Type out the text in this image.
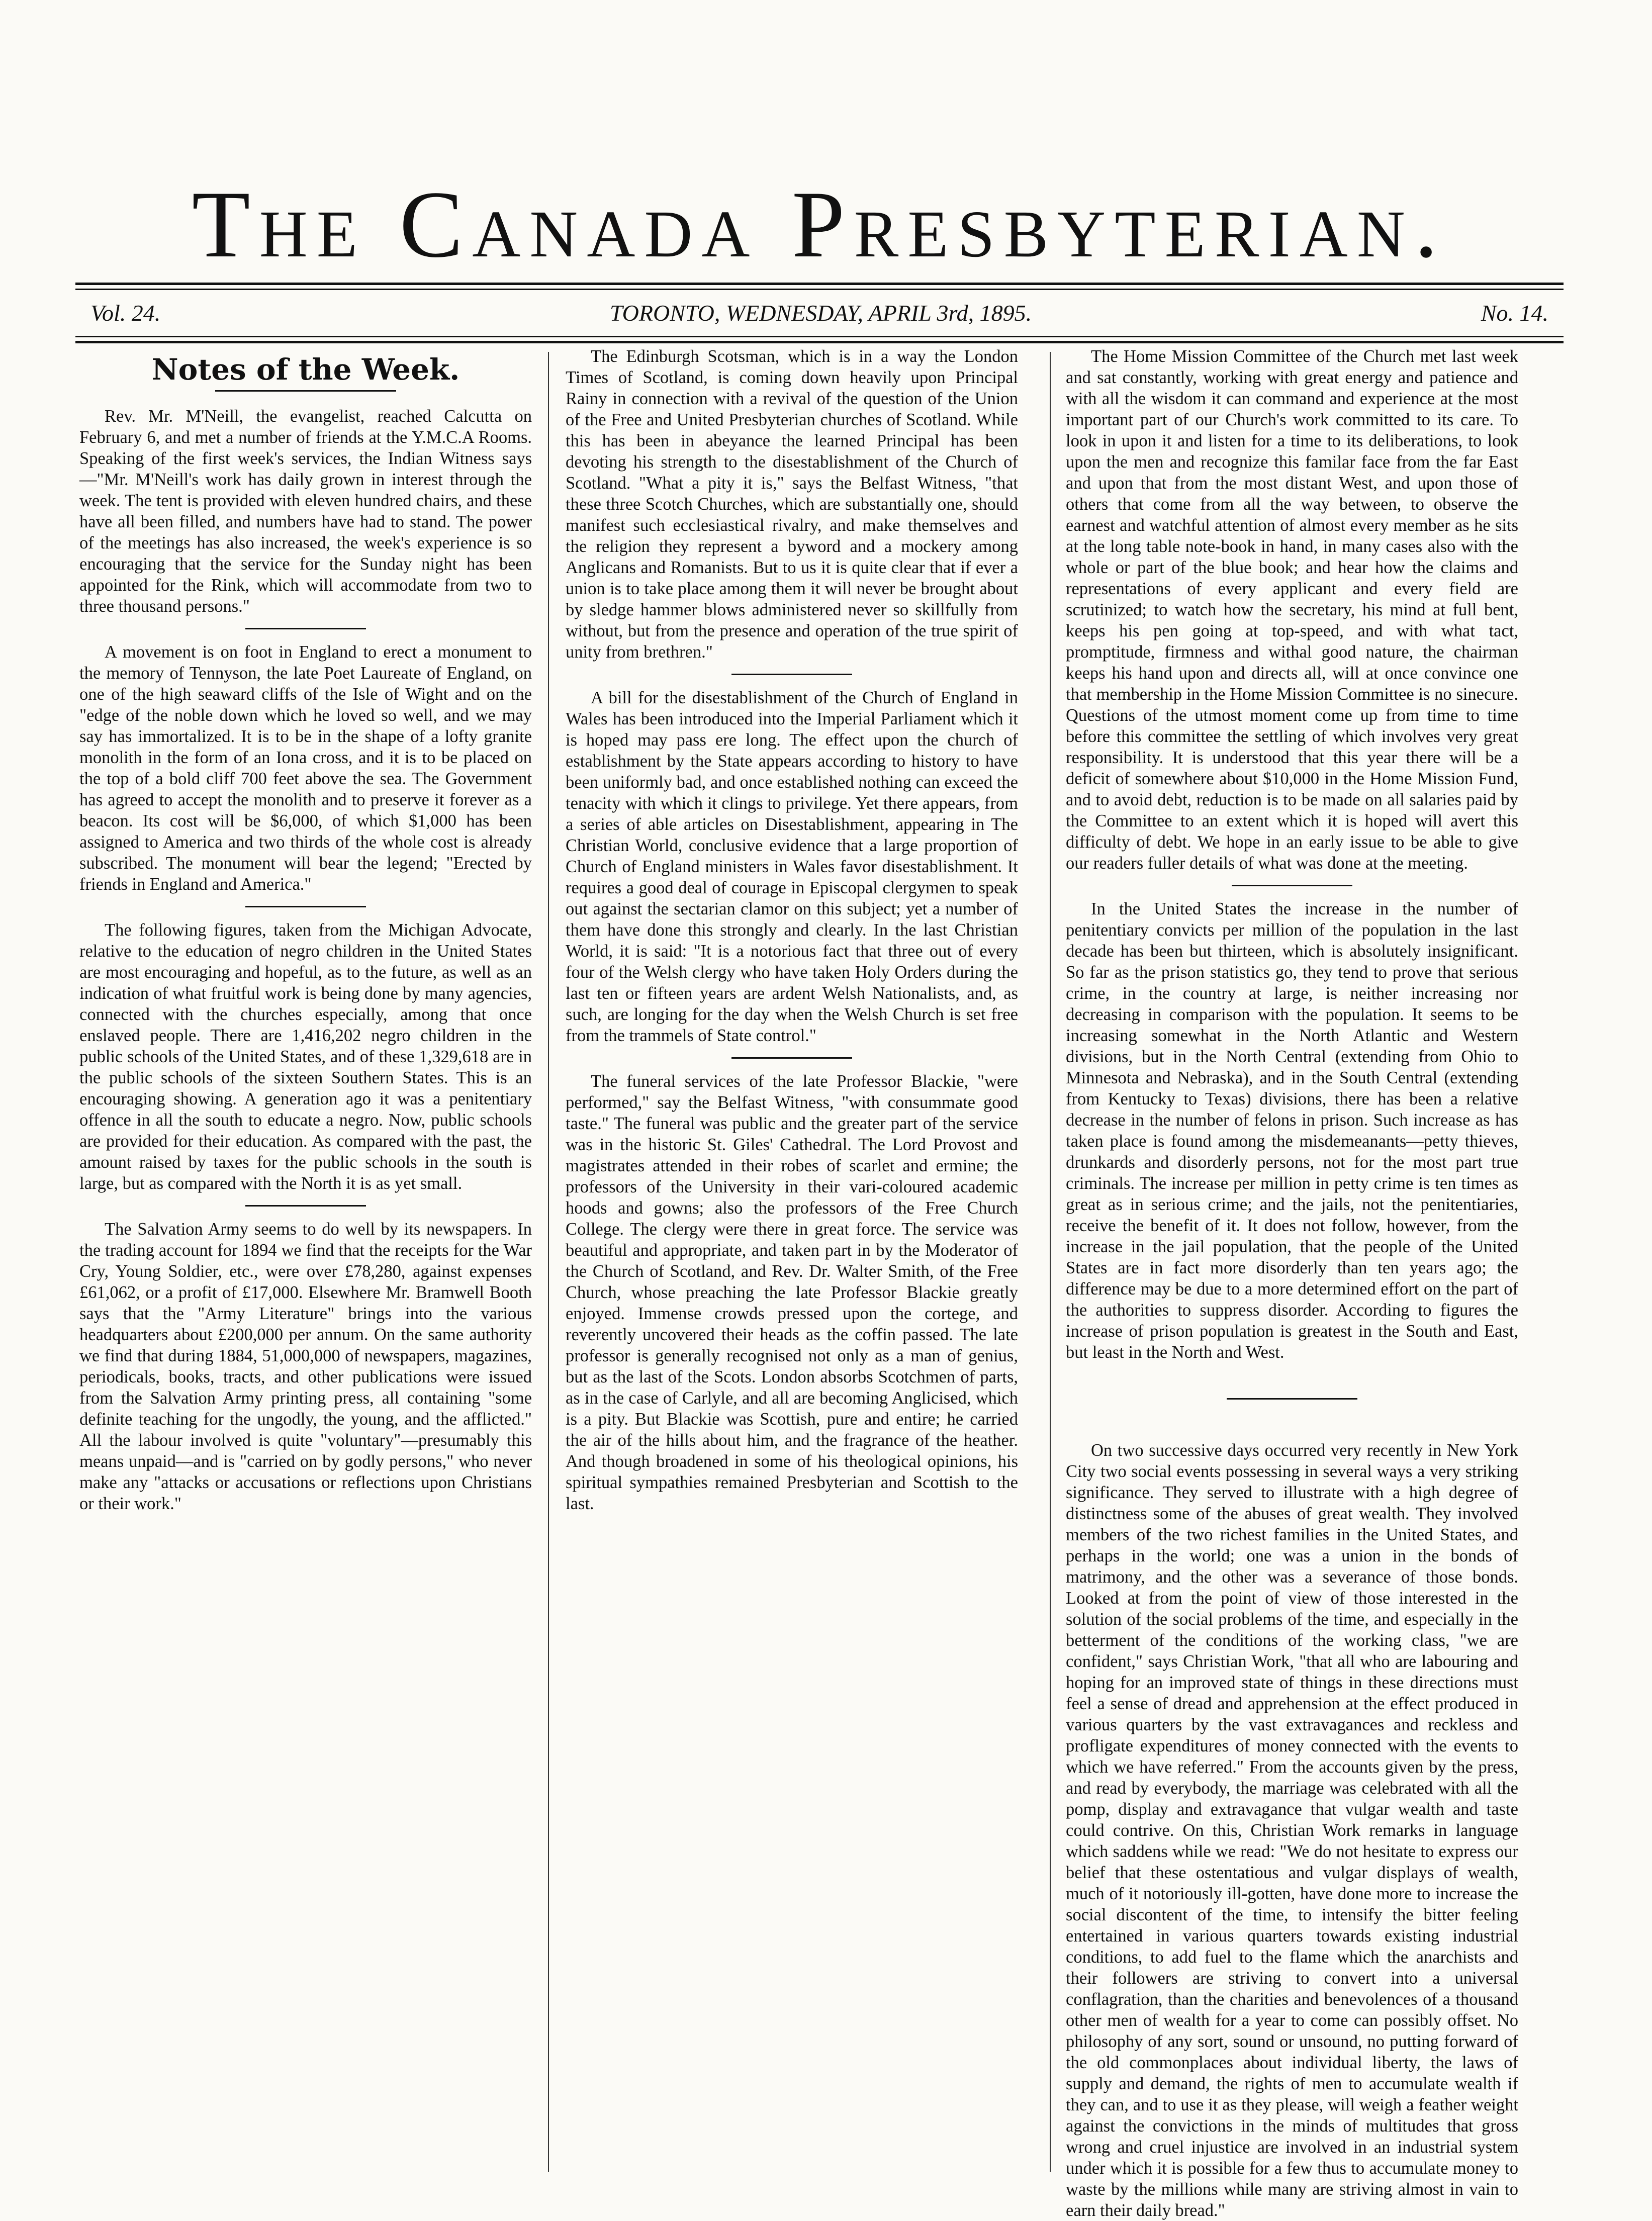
The Canada Presbyterian.
Vol. 24.	TORONTO, WEDNESDAY, APRIL 3rd, 1895.	No. 14.
Notes of the Week.

Rev. Mr. M'Neill, the evangelist, reached Calcutta on February 6, and met a number of friends at the Y.M.C.A Rooms. Speaking of the first week's services, the Indian Witness says—"Mr. M'Neill's work has daily grown in interest through the week. The tent is provided with eleven hundred chairs, and these have all been filled, and numbers have had to stand. The power of the meetings has also increased, the week's experience is so encouraging that the service for the Sunday night has been appointed for the Rink, which will accommodate from two to three thousand persons."

A movement is on foot in England to erect a monument to the memory of Tennyson, the late Poet Laureate of England, on one of the high seaward cliffs of the Isle of Wight and on the "edge of the noble down which he loved so well, and we may say has immortalized. It is to be in the shape of a lofty granite monolith in the form of an Iona cross, and it is to be placed on the top of a bold cliff 700 feet above the sea. The Government has agreed to accept the monolith and to preserve it forever as a beacon. Its cost will be $6,000, of which $1,000 has been assigned to America and two thirds of the whole cost is already subscribed. The monument will bear the legend; "Erected by friends in England and America."

The following figures, taken from the Michigan Advocate, relative to the education of negro children in the United States are most encouraging and hopeful, as to the future, as well as an indication of what fruitful work is being done by many agencies, connected with the churches especially, among that once enslaved people. There are 1,416,202 negro children in the public schools of the United States, and of these 1,329,618 are in the public schools of the sixteen Southern States. This is an encouraging showing. A generation ago it was a penitentiary offence in all the south to educate a negro. Now, public schools are provided for their education. As compared with the past, the amount raised by taxes for the public schools in the south is large, but as compared with the North it is as yet small.

The Salvation Army seems to do well by its newspapers. In the trading account for 1894 we find that the receipts for the War Cry, Young Soldier, etc., were over £78,280, against expenses £61,062, or a profit of £17,000. Elsewhere Mr. Bramwell Booth says that the "Army Literature" brings into the various headquarters about £200,000 per annum. On the same authority we find that during 1884, 51,000,000 of newspapers, magazines, periodicals, books, tracts, and other publications were issued from the Salvation Army printing press, all containing "some definite teaching for the ungodly, the young, and the afflicted." All the labour involved is quite "voluntary"—presumably this means unpaid—and is "carried on by godly persons," who never make any "attacks or accusations or reflections upon Christians or their work."

The Edinburgh Scotsman, which is in a way the London Times of Scotland, is coming down heavily upon Principal Rainy in connection with a revival of the question of the Union of the Free and United Presbyterian churches of Scotland. While this has been in abeyance the learned Principal has been devoting his strength to the disestablishment of the Church of Scotland. "What a pity it is," says the Belfast Witness, "that these three Scotch Churches, which are substantially one, should manifest such ecclesiastical rivalry, and make themselves and the religion they represent a byword and a mockery among Anglicans and Romanists. But to us it is quite clear that if ever a union is to take place among them it will never be brought about by sledge hammer blows administered never so skillfully from without, but from the presence and operation of the true spirit of unity from brethren."

A bill for the disestablishment of the Church of England in Wales has been introduced into the Imperial Parliament which it is hoped may pass ere long. The effect upon the church of establishment by the State appears according to history to have been uniformly bad, and once established nothing can exceed the tenacity with which it clings to privilege. Yet there appears, from a series of able articles on Disestablishment, appearing in The Christian World, conclusive evidence that a large proportion of Church of England ministers in Wales favor disestablishment. It requires a good deal of courage in Episcopal clergymen to speak out against the sectarian clamor on this subject; yet a number of them have done this strongly and clearly. In the last Christian World, it is said: "It is a notorious fact that three out of every four of the Welsh clergy who have taken Holy Orders during the last ten or fifteen years are ardent Welsh Nationalists, and, as such, are longing for the day when the Welsh Church is set free from the trammels of State control."

The funeral services of the late Professor Blackie, "were performed," say the Belfast Witness, "with consummate good taste." The funeral was public and the greater part of the service was in the historic St. Giles' Cathedral. The Lord Provost and magistrates attended in their robes of scarlet and ermine; the professors of the University in their vari-coloured academic hoods and gowns; also the professors of the Free Church College. The clergy were there in great force. The service was beautiful and appropriate, and taken part in by the Moderator of the Church of Scotland, and Rev. Dr. Walter Smith, of the Free Church, whose preaching the late Professor Blackie greatly enjoyed. Immense crowds pressed upon the cortege, and reverently uncovered their heads as the coffin passed. The late professor is generally recognised not only as a man of genius, but as the last of the Scots. London absorbs Scotchmen of parts, as in the case of Carlyle, and all are becoming Anglicised, which is a pity. But Blackie was Scottish, pure and entire; he carried the air of the hills about him, and the fragrance of the heather. And though broadened in some of his theological opinions, his spiritual sympathies remained Presbyterian and Scottish to the last.

The Home Mission Committee of the Church met last week and sat constantly, working with great energy and patience and with all the wisdom it can command and experience at the most important part of our Church's work committed to its care. To look in upon it and listen for a time to its deliberations, to look upon the men and recognize this familar face from the far East and upon that from the most distant West, and upon those of others that come from all the way between, to observe the earnest and watchful attention of almost every member as he sits at the long table note-book in hand, in many cases also with the whole or part of the blue book; and hear how the claims and representations of every applicant and every field are scrutinized; to watch how the secretary, his mind at full bent, keeps his pen going at top-speed, and with what tact, promptitude, firmness and withal good nature, the chairman keeps his hand upon and directs all, will at once convince one that membership in the Home Mission Committee is no sinecure. Questions of the utmost moment come up from time to time before this committee the settling of which involves very great responsibility. It is understood that this year there will be a deficit of somewhere about $10,000 in the Home Mission Fund, and to avoid debt, reduction is to be made on all salaries paid by the Committee to an extent which it is hoped will avert this difficulty of debt. We hope in an early issue to be able to give our readers fuller details of what was done at the meeting.

In the United States the increase in the number of penitentiary convicts per million of the population in the last decade has been but thirteen, which is absolutely insignificant. So far as the prison statistics go, they tend to prove that serious crime, in the country at large, is neither increasing nor decreasing in comparison with the population. It seems to be increasing somewhat in the North Atlantic and Western divisions, but in the North Central (extending from Ohio to Minnesota and Nebraska), and in the South Central (extending from Kentucky to Texas) divisions, there has been a relative decrease in the number of felons in prison. Such increase as has taken place is found among the misdemeanants—petty thieves, drunkards and disorderly persons, not for the most part true criminals. The increase per million in petty crime is ten times as great as in serious crime; and the jails, not the penitentiaries, receive the benefit of it. It does not follow, however, from the increase in the jail population, that the people of the United States are in fact more disorderly than ten years ago; the difference may be due to a more determined effort on the part of the authorities to suppress disorder. According to figures the increase of prison population is greatest in the South and East, but least in the North and West.

On two successive days occurred very recently in New York City two social events possessing in several ways a very striking significance. They served to illustrate with a high degree of distinctness some of the abuses of great wealth. They involved members of the two richest families in the United States, and perhaps in the world; one was a union in the bonds of matrimony, and the other was a severance of those bonds. Looked at from the point of view of those interested in the solution of the social problems of the time, and especially in the betterment of the conditions of the working class, "we are confident," says Christian Work, "that all who are labouring and hoping for an improved state of things in these directions must feel a sense of dread and apprehension at the effect produced in various quarters by the vast extravagances and reckless and profligate expenditures of money connected with the events to which we have referred." From the accounts given by the press, and read by everybody, the marriage was celebrated with all the pomp, display and extravagance that vulgar wealth and taste could contrive. On this, Christian Work remarks in language which saddens while we read: "We do not hesitate to express our belief that these ostentatious and vulgar displays of wealth, much of it notoriously ill-gotten, have done more to increase the social discontent of the time, to intensify the bitter feeling entertained in various quarters towards existing industrial conditions, to add fuel to the flame which the anarchists and their followers are striving to convert into a universal conflagration, than the charities and benevolences of a thousand other men of wealth for a year to come can possibly offset. No philosophy of any sort, sound or unsound, no putting forward of the old commonplaces about individual liberty, the laws of supply and demand, the rights of men to accumulate wealth if they can, and to use it as they please, will weigh a feather weight against the convictions in the minds of multitudes that gross wrong and cruel injustice are involved in an industrial system under which it is possible for a few thus to accumulate money to waste by the millions while many are striving almost in vain to earn their daily bread."
